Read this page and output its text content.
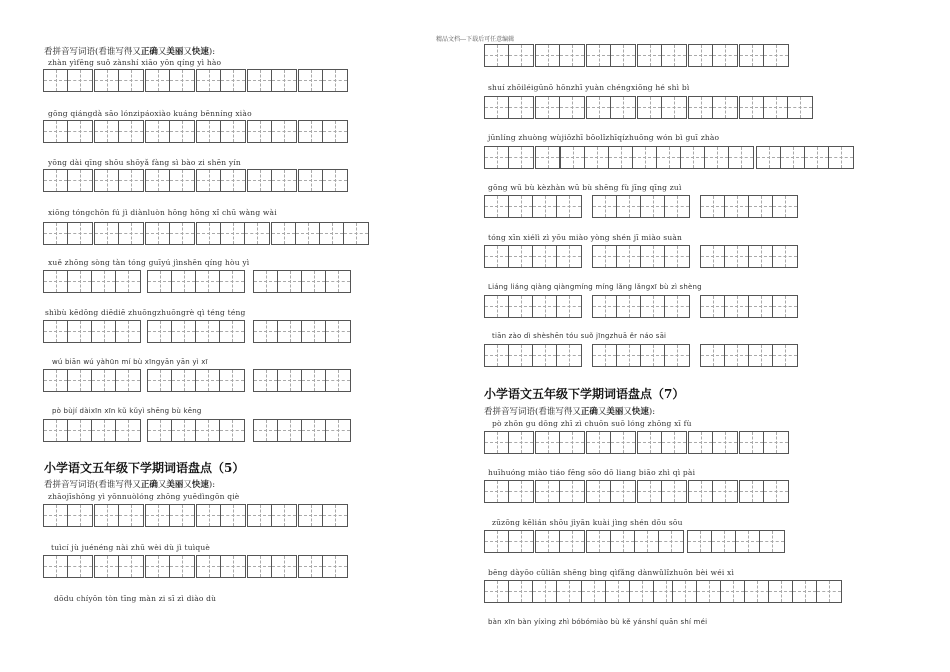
精品文档---下载后可任意编辑
看拼音写词语(看谁写得又正确又美丽又快速):
zhàn yìfēng suǒ zànshí xiāo yōn qíng yì hào
gōng qiángdà sāo lónzipáoxiào kuáng bēnníng xiào
yōng dài qīng shōu shōyǎ fàng sì bào zi shēn yín
xiōng tóngchōn fú jì diànluòn hōng hōng xǐ chū wàng wài
xuě zhōng sòng tàn tóng guīyú jìnshēn qíng hòu yì
shìbù kēdōng diēdiē zhuōngzhuōngrè qì téng téng
wú biān wú yàhūn mí bù xīngyān yān yì xī
pò bùjí dàixīn xīn kǔ kǔyì shēng bù kēng
小学语文五年级下学期词语盘点（5）
看拼音写词语(看谁写得又正确又美丽又快速):
zhāojīshōng yì yōnnuòlóng zhōng yuēdìngōn qiè
tuìcí jù juénéng nài zhū wèi dù jì tuìquè
dōdu chíyōn tòn tīng màn zi sī zì diào dù
shuí zhōiléigūnō hōnzhī yuàn chéngxiōng hé shì bì
jūnlíng zhuòng wùjiōzhī bōolǐzhīqízhuōng wón bì guī zhào
gōng wū bù kèzhàn wū bù shēng fù jīng qīng zuì
tóng xīn xiélì zì yōu miào yòng shén jī miào suàn
Liáng liáng qiàng qiàngmíng míng lǎng lǎngxī bù zì shèng
tiān zào dì shèshēn tóu suǒ jīngzhuā ěr náo sāi
小学语文五年级下学期词语盘点（7）
看拼音写词语(看谁写得又正确又美丽又快速):
pò zhōn gu dōng zhī zì chuōn suō lóng zhōng xī fù
huīhuóng miào tiáo fēng sōo dō liang biāo zhì qì pài
zūzōng kēlián shōu jìyān kuài jìng shén dōu sōu
bēng dàyōo cūliān shēng bìng qìfǎng dànwǔlǐzhuōn bèi wéi xì
bàn xīn bàn yíxìng zhì bóbómiào bù kě yánshí quān shí méi
